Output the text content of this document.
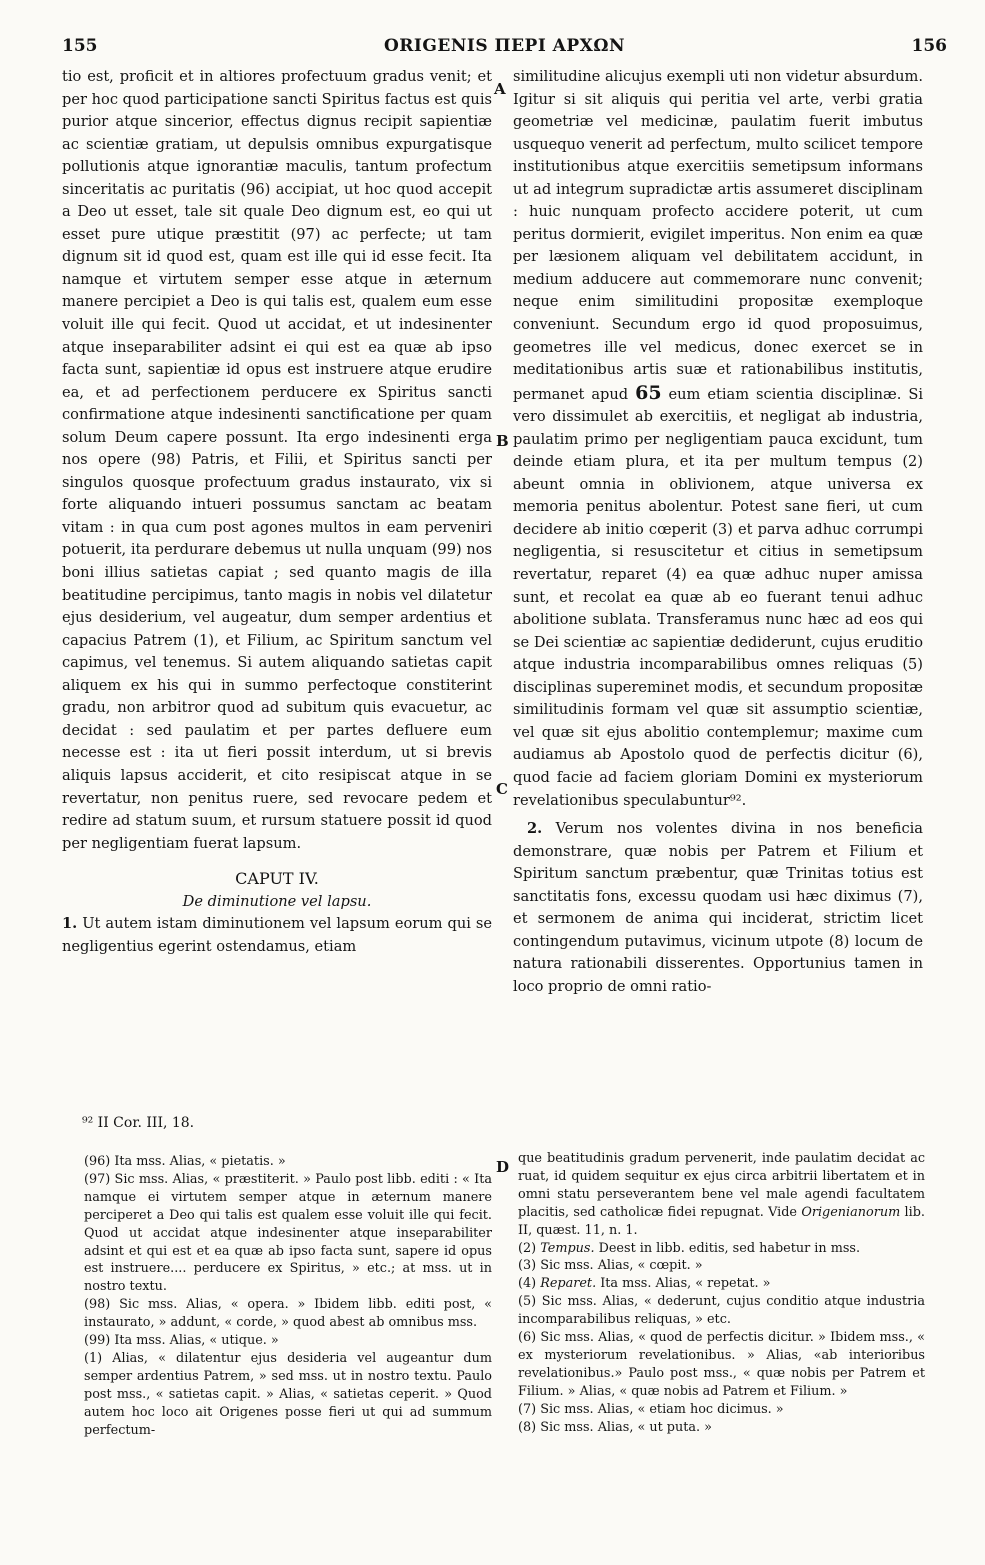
155	ORIGENIS ΠΕΡΙ ΑΡΧΩΝ	156
A
B
C
D

tio est, proficit et in altiores profectuum gradus venit; et per hoc quod participatione sancti Spiritus factus est quis purior atque sincerior, effectus dignus recipit sapientiæ ac scientiæ gratiam, ut depulsis omnibus expurgatisque pollutionis atque ignorantiæ maculis, tantum profectum sinceritatis ac puritatis (96) accipiat, ut hoc quod accepit a Deo ut esset, tale sit quale Deo dignum est, eo qui ut esset pure utique præstitit (97) ac perfecte; ut tam dignum sit id quod est, quam est ille qui id esse fecit. Ita namque et virtutem semper esse atque in æternum manere percipiet a Deo is qui talis est, qualem eum esse voluit ille qui fecit. Quod ut accidat, et ut indesinenter atque inseparabiliter adsint ei qui est ea quæ ab ipso facta sunt, sapientiæ id opus est instruere atque erudire ea, et ad perfectionem perducere ex Spiritus sancti confirmatione atque indesinenti sanctificatione per quam solum Deum capere possunt. Ita ergo indesinenti erga nos opere (98) Patris, et Filii, et Spiritus sancti per singulos quosque profectuum gradus instaurato, vix si forte aliquando intueri possumus sanctam ac beatam vitam : in qua cum post agones multos in eam perveniri potuerit, ita perdurare debemus ut nulla unquam (99) nos boni illius satietas capiat ; sed quanto magis de illa beatitudine percipimus, tanto magis in nobis vel dilatetur ejus desiderium, vel augeatur, dum semper ardentius et capacius Patrem (1), et Filium, ac Spiritum sanctum vel capimus, vel tenemus. Si autem aliquando satietas capit aliquem ex his qui in summo perfectoque constiterint gradu, non arbitror quod ad subitum quis evacuetur, ac decidat : sed paulatim et per partes defluere eum necesse est : ita ut fieri possit interdum, ut si brevis aliquis lapsus acciderit, et cito resipiscat atque in se revertatur, non penitus ruere, sed revocare pedem et redire ad statum suum, et rursum statuere possit id quod per negligentiam fuerat lapsum.

CAPUT IV.
De diminutione vel lapsu.

1. Ut autem istam diminutionem vel lapsum eorum qui se negligentius egerint ostendamus, etiam

similitudine alicujus exempli uti non videtur absurdum. Igitur si sit aliquis qui peritia vel arte, verbi gratia geometriæ vel medicinæ, paulatim fuerit imbutus usquequo venerit ad perfectum, multo scilicet tempore institutionibus atque exercitiis semetipsum informans ut ad integrum supradictæ artis assumeret disciplinam : huic nunquam profecto accidere poterit, ut cum peritus dormierit, evigilet imperitus. Non enim ea quæ per læsionem aliquam vel debilitatem accidunt, in medium adducere aut commemorare nunc convenit; neque enim similitudini propositæ exemploque conveniunt. Secundum ergo id quod proposuimus, geometres ille vel medicus, donec exercet se in meditationibus artis suæ et rationabilibus institutis, permanet apud 65 eum etiam scientia disciplinæ. Si vero dissimulet ab exercitiis, et negligat ab industria, paulatim primo per negligentiam pauca excidunt, tum deinde etiam plura, et ita per multum tempus (2) abeunt omnia in oblivionem, atque universa ex memoria penitus abolentur. Potest sane fieri, ut cum decidere ab initio cœperit (3) et parva adhuc corrumpi negligentia, si resuscitetur et citius in semetipsum revertatur, reparet (4) ea quæ adhuc nuper amissa sunt, et recolat ea quæ ab eo fuerant tenui adhuc abolitione sublata. Transferamus nunc hæc ad eos qui se Dei scientiæ ac sapientiæ dediderunt, cujus eruditio atque industria incomparabilibus omnes reliquas (5) disciplinas supereminet modis, et secundum propositæ similitudinis formam vel quæ sit assumptio scientiæ, vel quæ sit ejus abolitio contemplemur; maxime cum audiamus ab Apostolo quod de perfectis dicitur (6), quod facie ad faciem gloriam Domini ex mysteriorum revelationibus speculabuntur⁹².

2. Verum nos volentes divina in nos beneficia demonstrare, quæ nobis per Patrem et Filium et Spiritum sanctum præbentur, quæ Trinitas totius est sanctitatis fons, excessu quodam usi hæc diximus (7), et sermonem de anima qui inciderat, strictim licet contingendum putavimus, vicinum utpote (8) locum de natura rationabili disserentes. Opportunius tamen in loco proprio de omni ratio-

⁹² II Cor. III, 18.

(96) Ita mss. Alias, « pietatis. »

(97) Sic mss. Alias, « præstiterit. » Paulo post libb. editi : « Ita namque ei virtutem semper atque in æternum manere perciperet a Deo qui talis est qualem esse voluit ille qui fecit. Quod ut accidat atque indesinenter atque inseparabiliter adsint et qui est et ea quæ ab ipso facta sunt, sapere id opus est instruere.... perducere ex Spiritus, » etc.; at mss. ut in nostro textu.

(98) Sic mss. Alias, « opera. » Ibidem libb. editi post, « instaurato, » addunt, « corde, » quod abest ab omnibus mss.

(99) Ita mss. Alias, « utique. »

(1) Alias, « dilatentur ejus desideria vel augeantur dum semper ardentius Patrem, » sed mss. ut in nostro textu. Paulo post mss., « satietas capit. » Alias, « satietas ceperit. » Quod autem hoc loco ait Origenes posse fieri ut qui ad summum perfectum-

que beatitudinis gradum pervenerit, inde paulatim decidat ac ruat, id quidem sequitur ex ejus circa arbitrii libertatem et in omni statu perseverantem bene vel male agendi facultatem placitis, sed catholicæ fidei repugnat. Vide Origenianorum lib. II, quæst. 11, n. 1.

(2) Tempus. Deest in libb. editis, sed habetur in mss.

(3) Sic mss. Alias, « cœpit. »

(4) Reparet. Ita mss. Alias, « repetat. »

(5) Sic mss. Alias, « dederunt, cujus conditio atque industria incomparabilibus reliquas, » etc.

(6) Sic mss. Alias, « quod de perfectis dicitur. » Ibidem mss., « ex mysteriorum revelationibus. » Alias, «ab interioribus revelationibus.» Paulo post mss., « quæ nobis per Patrem et Filium. » Alias, « quæ nobis ad Patrem et Filium. »

(7) Sic mss. Alias, « etiam hoc dicimus. »

(8) Sic mss. Alias, « ut puta. »
